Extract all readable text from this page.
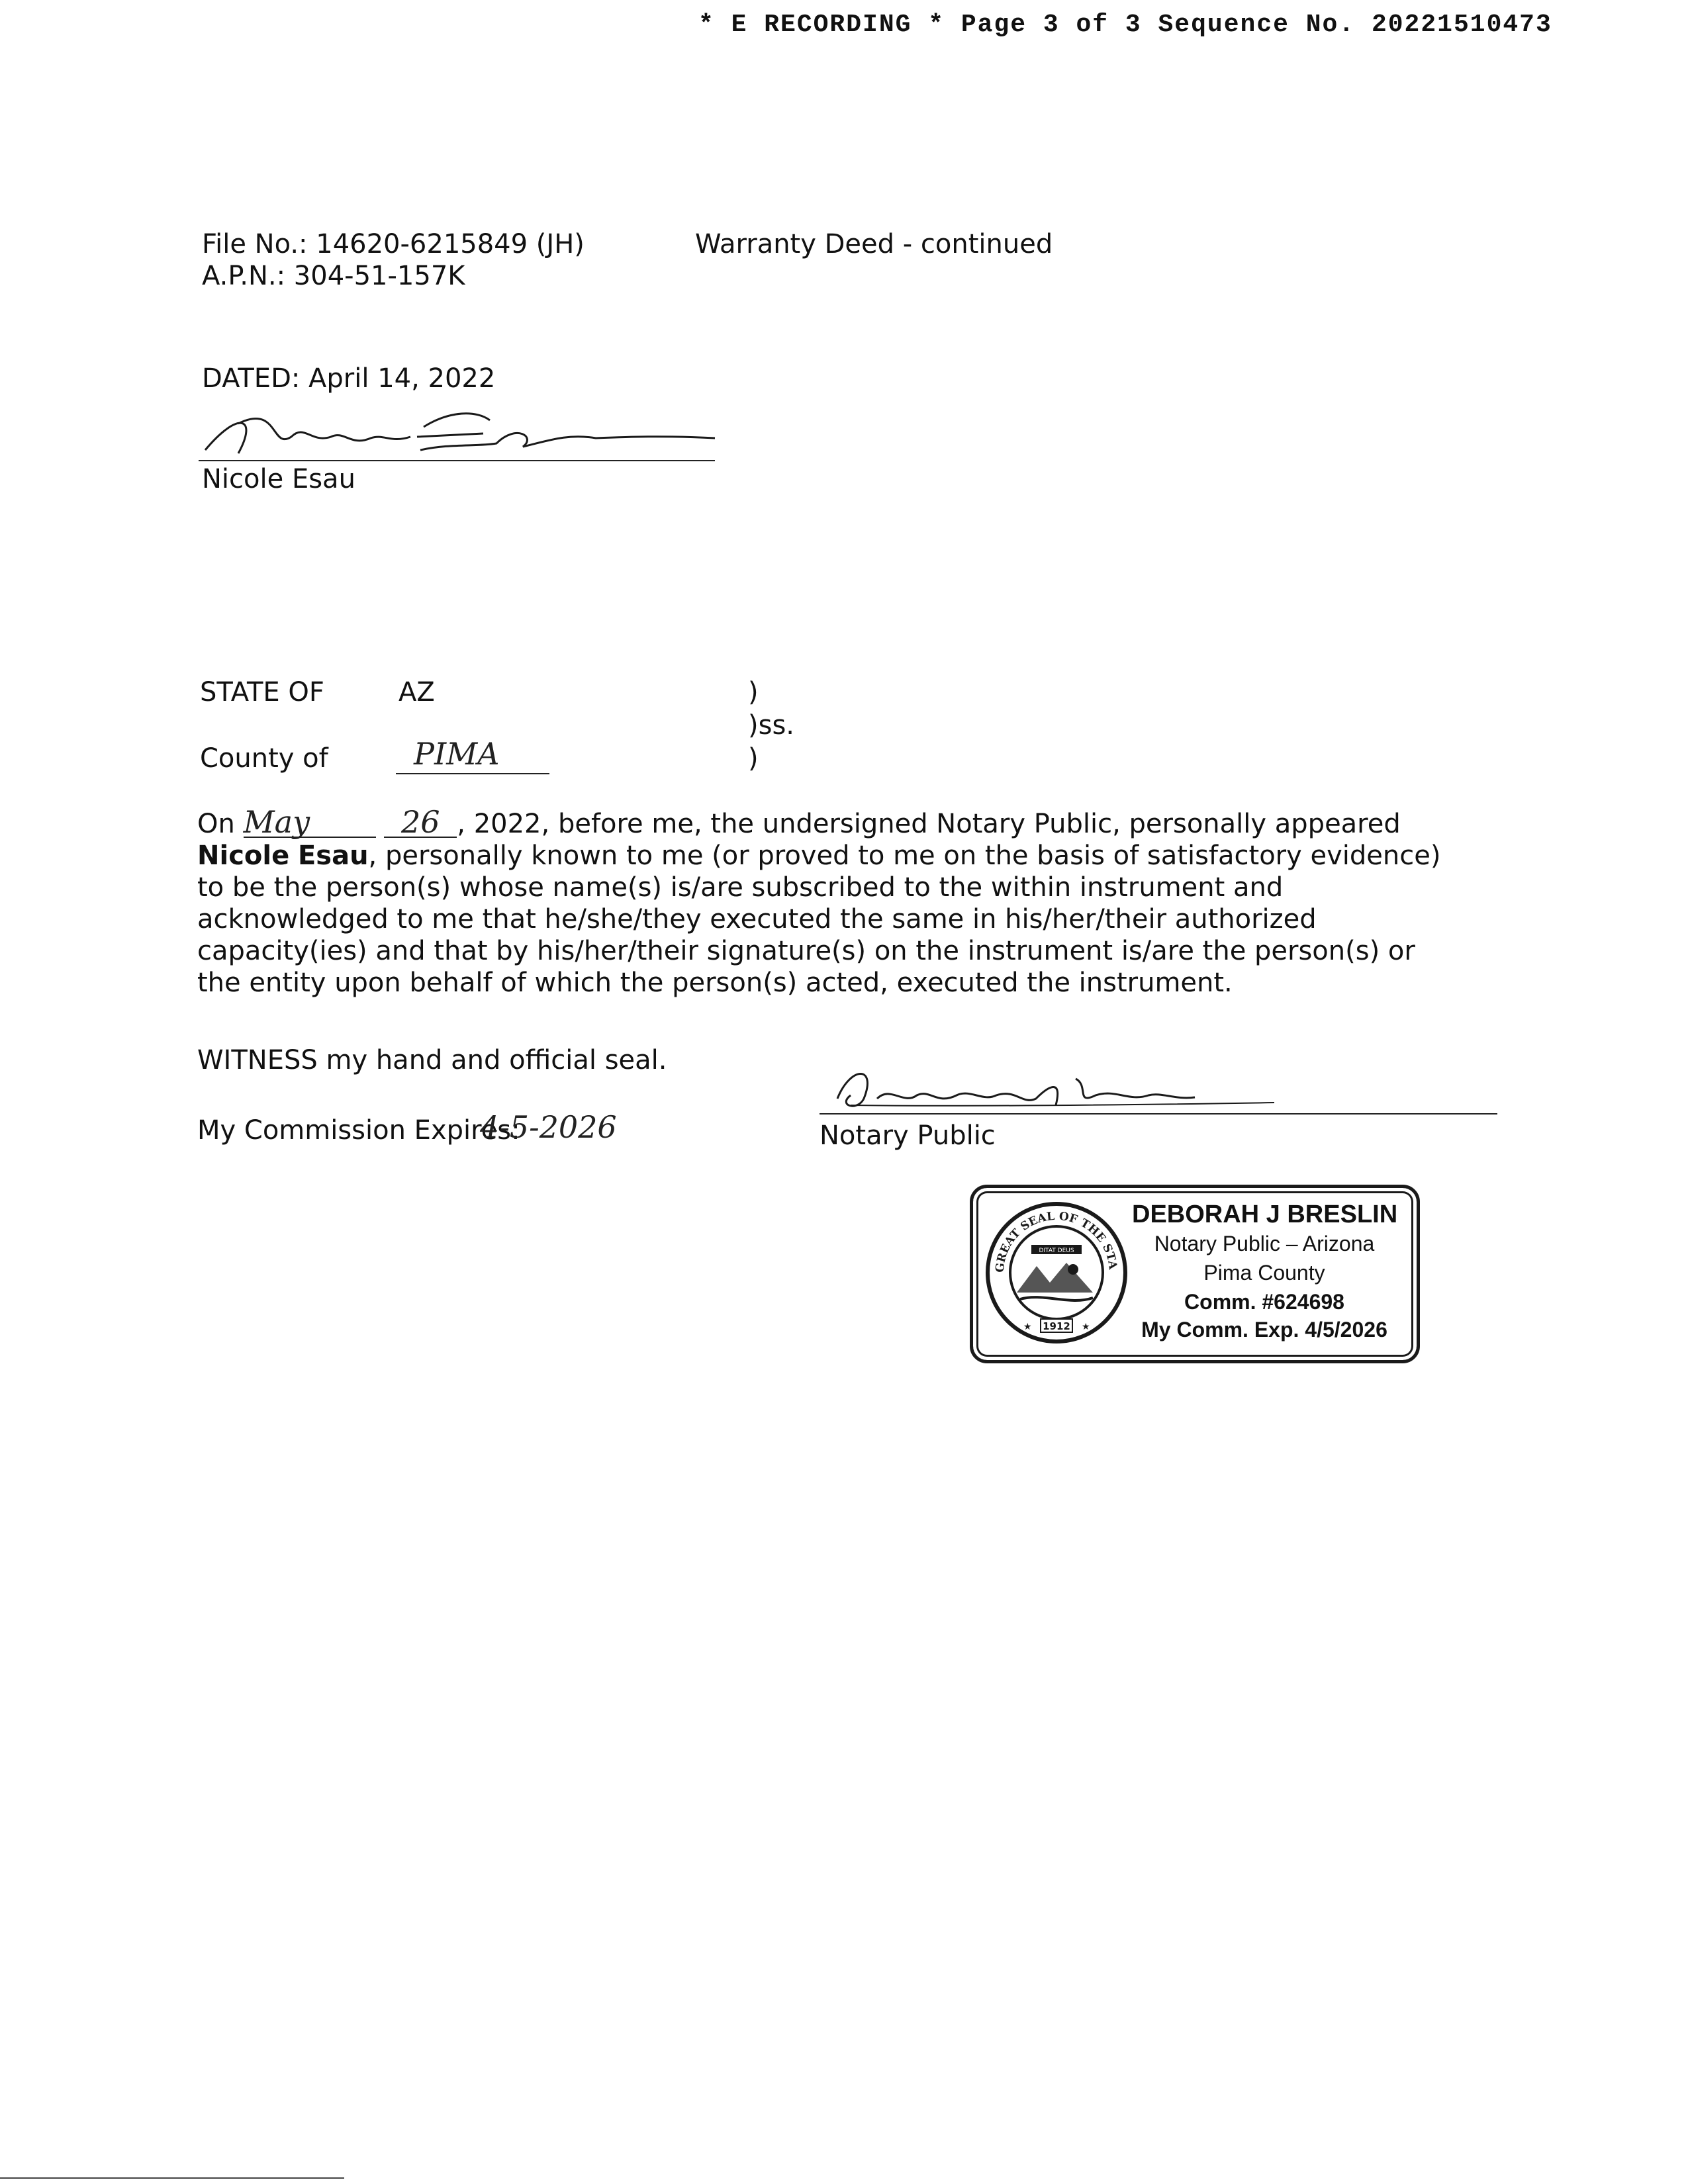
* E RECORDING * Page 3 of 3 Sequence No. 20221510473
File No.: 14620-6215849 (JH)
A.P.N.: 304-51-157K
Warranty Deed - continued
DATED: April 14, 2022
Nicole Esau
STATE OF	AZ
County of	PIMA
)
)ss.
)
On May	26 , 2022, before me, the undersigned Notary Public, personally appeared Nicole Esau, personally known to me (or proved to me on the basis of satisfactory evidence) to be the person(s) whose name(s) is/are subscribed to the within instrument and acknowledged to me that he/she/they executed the same in his/her/their authorized capacity(ies) and that by his/her/their signature(s) on the instrument is/are the person(s) or the entity upon behalf of which the person(s) acted, executed the instrument.
WITNESS my hand and official seal.
My Commission Expires:
4-5-2026	Notary Public
GREAT SEAL OF THE STA
DITAT DEUS
1912
★	★
DEBORAH J BRESLIN
Notary Public – Arizona
Pima County
Comm. #624698
My Comm. Exp. 4/5/2026
